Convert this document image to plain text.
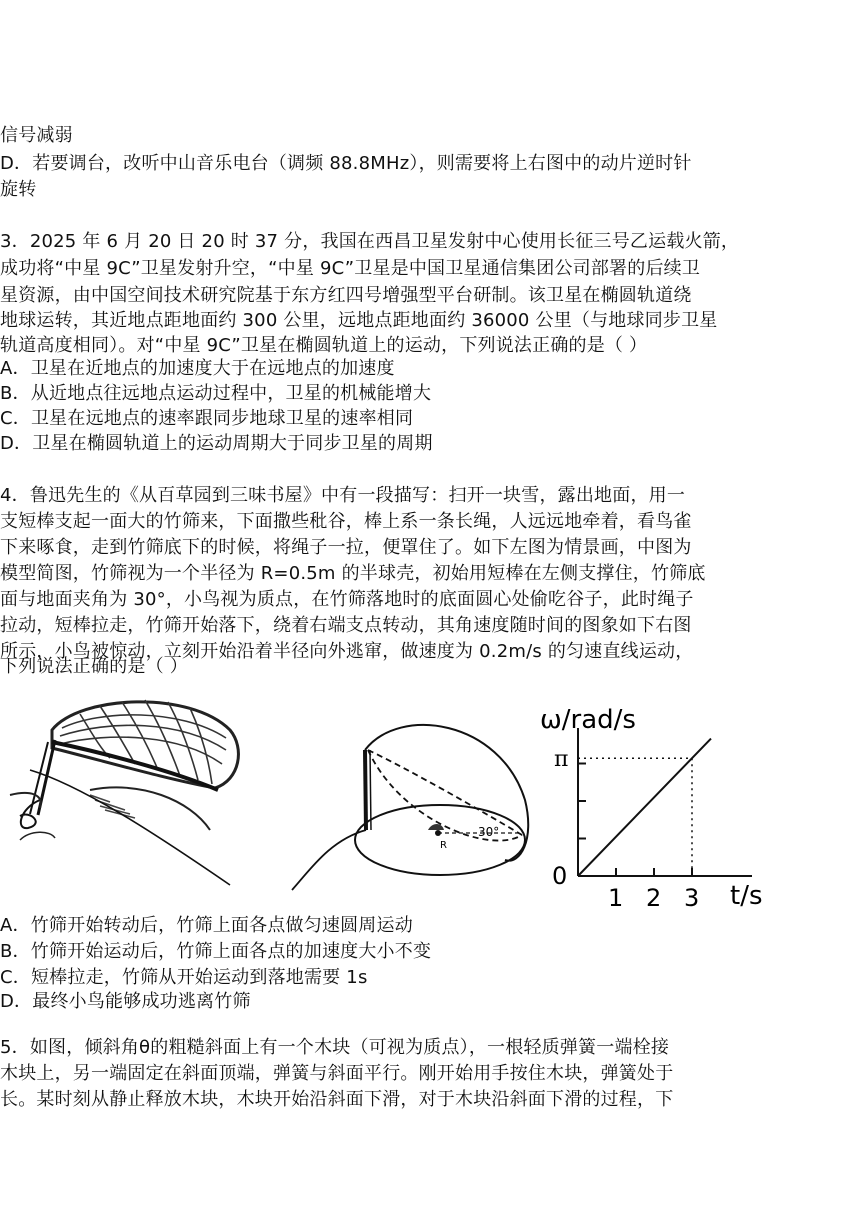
信号减弱
D．若要调台，改听中山音乐电台（调频 88.8MHz），则需要将上右图中的动片逆时针
旋转
3．2025 年 6 月 20 日 20 时 37 分，我国在西昌卫星发射中心使用长征三号乙运载火箭，
成功将“中星 9C”卫星发射升空，“中星 9C”卫星是中国卫星通信集团公司部署的后续卫
星资源，由中国空间技术研究院基于东方红四号增强型平台研制。该卫星在椭圆轨道绕
地球运转，其近地点距地面约 300 公里，远地点距地面约 36000 公里（与地球同步卫星
轨道高度相同）。对“中星 9C”卫星在椭圆轨道上的运动，下列说法正确的是（ ）
A．卫星在近地点的加速度大于在远地点的加速度
B．从近地点往远地点运动过程中，卫星的机械能增大
C．卫星在远地点的速率跟同步地球卫星的速率相同
D．卫星在椭圆轨道上的运动周期大于同步卫星的周期
4．鲁迅先生的《从百草园到三味书屋》中有一段描写：扫开一块雪，露出地面，用一
支短棒支起一面大的竹筛来，下面撒些秕谷，棒上系一条长绳，人远远地牵着，看鸟雀
下来啄食，走到竹筛底下的时候，将绳子一拉，便罩住了。如下左图为情景画，中图为
模型简图，竹筛视为一个半径为 R=0.5m 的半球壳，初始用短棒在左侧支撑住，竹筛底
面与地面夹角为 30°，小鸟视为质点，在竹筛落地时的底面圆心处偷吃谷子，此时绳子
拉动，短棒拉走，竹筛开始落下，绕着右端支点转动，其角速度随时间的图象如下右图
所示，小鸟被惊动，立刻开始沿着半径向外逃窜，做速度为 0.2m/s 的匀速直线运动，
下列说法正确的是（ ）
R
30°
ω/rad/s
t/s
0
1 2 3
π
A．竹筛开始转动后，竹筛上面各点做匀速圆周运动
B．竹筛开始运动后，竹筛上面各点的加速度大小不变
C．短棒拉走，竹筛从开始运动到落地需要 1s
D．最终小鸟能够成功逃离竹筛
5．如图，倾斜角θ的粗糙斜面上有一个木块（可视为质点），一根轻质弹簧一端栓接
木块上，另一端固定在斜面顶端，弹簧与斜面平行。刚开始用手按住木块，弹簧处于
长。某时刻从静止释放木块，木块开始沿斜面下滑，对于木块沿斜面下滑的过程，下
